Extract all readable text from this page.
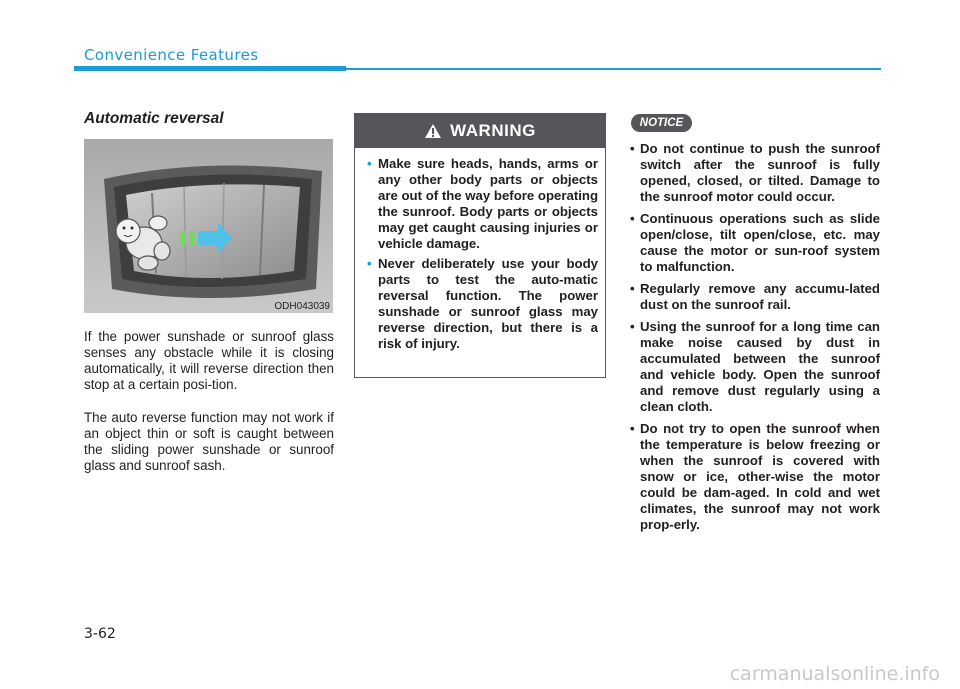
Convenience Features
Automatic reversal
ODH043039

If the power sunshade or sunroof glass senses any obstacle while it is closing automatically, it will reverse direction then stop at a certain posi-tion.

The auto reverse function may not work if an object thin or soft is caught between the sliding power sunshade or sunroof glass and sunroof sash.

WARNING
• Make sure heads, hands, arms or any other body parts or objects are out of the way before operating the sunroof. Body parts or objects may get caught causing injuries or vehicle damage.
• Never deliberately use your body parts to test the auto-matic reversal function. The power sunshade or sunroof glass may reverse direction, but there is a risk of injury.
NOTICE
• Do not continue to push the sunroof switch after the sunroof is fully opened, closed, or tilted. Damage to the sunroof motor could occur.
• Continuous operations such as slide open/close, tilt open/close, etc. may cause the motor or sun-roof system to malfunction.
• Regularly remove any accumu-lated dust on the sunroof rail.
• Using the sunroof for a long time can make noise caused by dust in accumulated between the sunroof and vehicle body. Open the sunroof and remove dust regularly using a clean cloth.
• Do not try to open the sunroof when the temperature is below freezing or when the sunroof is covered with snow or ice, other-wise the motor could be dam-aged. In cold and wet climates, the sunroof may not work prop-erly.
3-62
carmanualsonline.info
